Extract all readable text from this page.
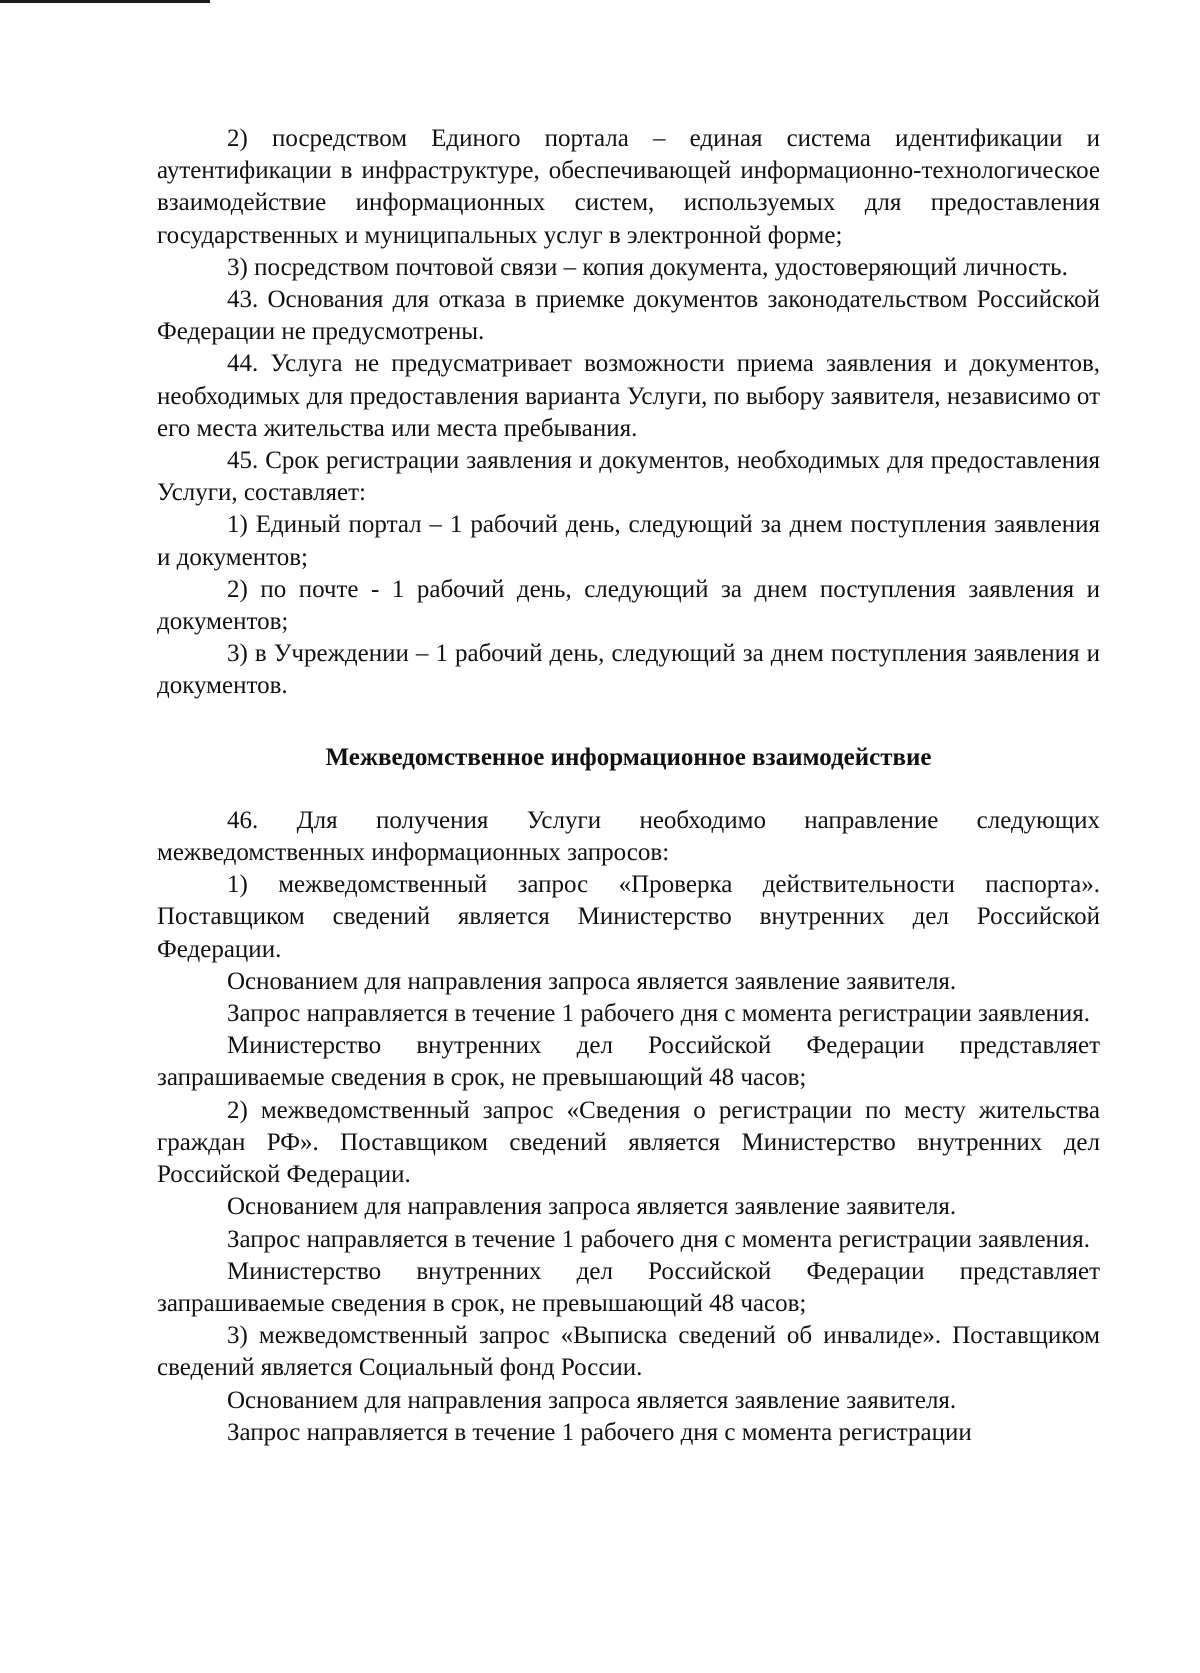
2) посредством Единого портала – единая система идентификации и аутентификации в инфраструктуре, обеспечивающей информационно-технологическое взаимодействие информационных систем, используемых для предоставления государственных и муниципальных услуг в электронной форме;

3) посредством почтовой связи – копия документа, удостоверяющий личность.

43. Основания для отказа в приемке документов законодательством Российской Федерации не предусмотрены.

44. Услуга не предусматривает возможности приема заявления и документов, необходимых для предоставления варианта Услуги, по выбору заявителя, независимо от его места жительства или места пребывания.

45. Срок регистрации заявления и документов, необходимых для предоставления Услуги, составляет:

1) Единый портал – 1 рабочий день, следующий за днем поступления заявления и документов;

2) по почте - 1 рабочий день, следующий за днем поступления заявления и документов;

3) в Учреждении – 1 рабочий день, следующий за днем поступления заявления и документов.

Межведомственное информационное взаимодействие

46. Для получения Услуги необходимо направление следующих межведомственных информационных запросов:

1) межведомственный запрос «Проверка действительности паспорта». Поставщиком сведений является Министерство внутренних дел Российской Федерации.

Основанием для направления запроса является заявление заявителя.

Запрос направляется в течение 1 рабочего дня с момента регистрации заявления.

Министерство внутренних дел Российской Федерации представляет запрашиваемые сведения в срок, не превышающий 48 часов;

2) межведомственный запрос «Сведения о регистрации по месту жительства граждан РФ». Поставщиком сведений является Министерство внутренних дел Российской Федерации.

Основанием для направления запроса является заявление заявителя.

Запрос направляется в течение 1 рабочего дня с момента регистрации заявления.

Министерство внутренних дел Российской Федерации представляет запрашиваемые сведения в срок, не превышающий 48 часов;

3) межведомственный запрос «Выписка сведений об инвалиде». Поставщиком сведений является Социальный фонд России.

Основанием для направления запроса является заявление заявителя.

Запрос направляется в течение 1 рабочего дня с момента регистрации
